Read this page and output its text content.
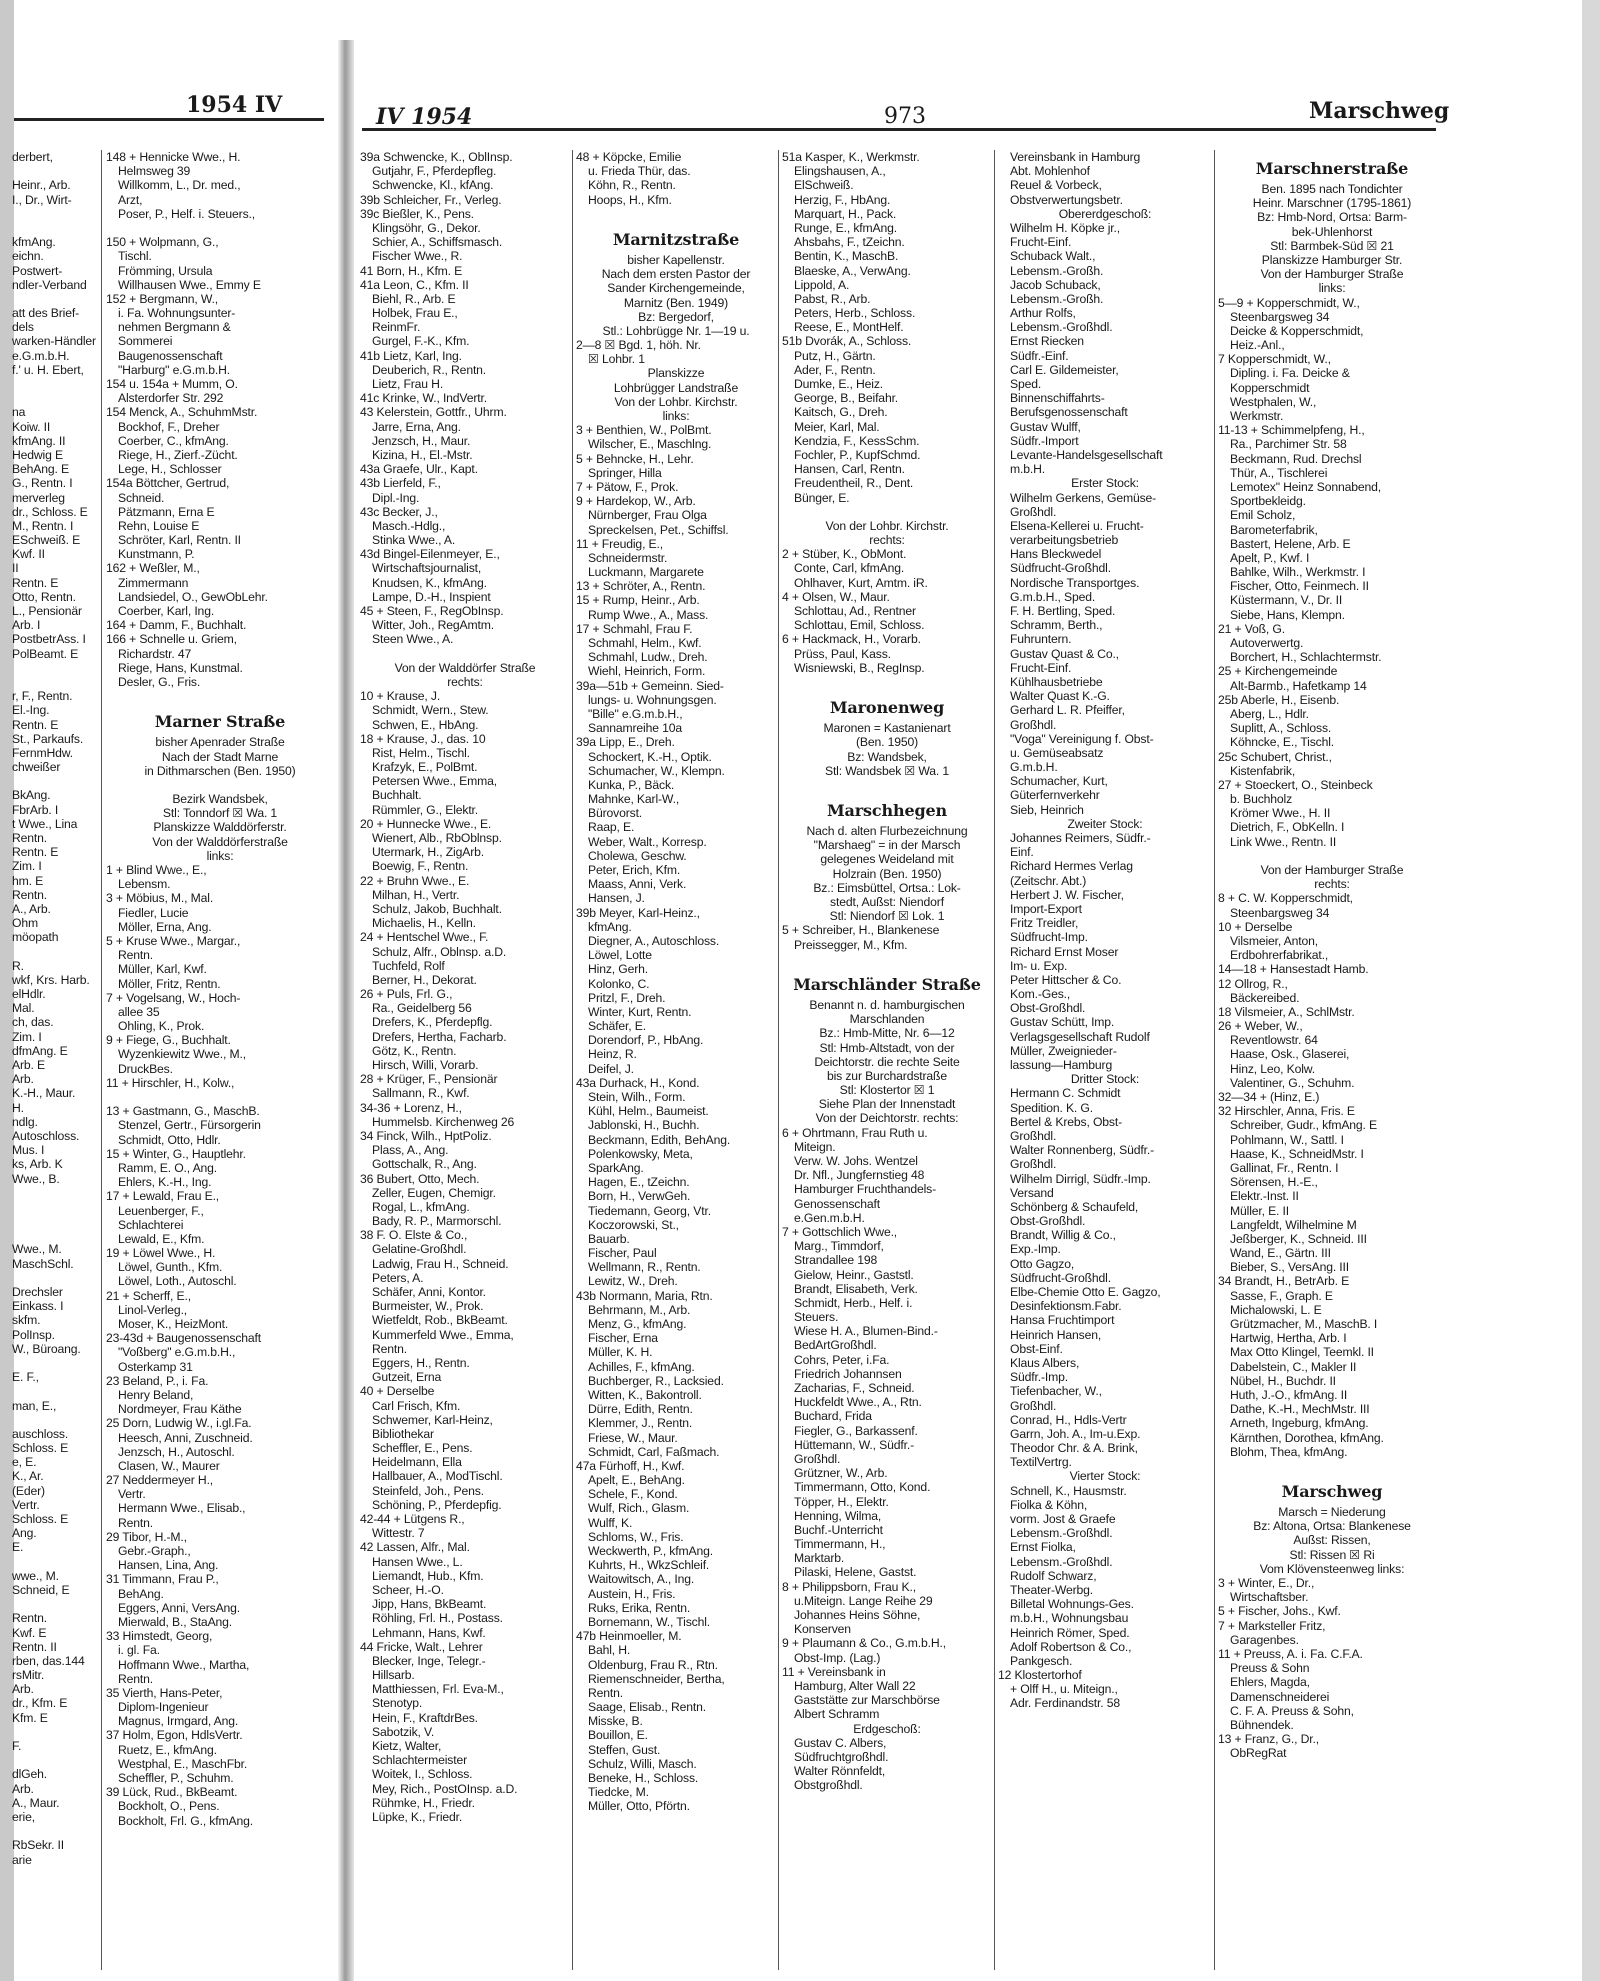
1954 IV
derbert,
Heinr., Arb.
I., Dr., Wirt-
kfmAng.
eichn.
Postwert-
ndler-Verband
att des Brief-
dels
warken-Händler
e.G.m.b.H.
f.' u. H. Ebert,
na
Koiw. II
kfmAng. II
Hedwig E
BehAng. E
G., Rentn. I
merverleg
dr., Schloss. E
M., Rentn. I
ESchweiß. E
Kwf. II
II
Rentn. E
Otto, Rentn.
L., Pensionär
Arb. I
PostbetrAss. I
PolBeamt. E
r, F., Rentn.
El.-Ing.
Rentn. E
St., Parkaufs.
FernmHdw.
chweißer
BkAng.
FbrArb. I
t Wwe., Lina
Rentn.
Rentn. E
Zim. I
hm. E
Rentn.
A., Arb.
Ohm
möopath
R.
wkf, Krs. Harb.
elHdlr.
Mal.
ch, das.
Zim. I
dfmAng. E
Arb. E
Arb.
K.-H., Maur.
H.
ndlg.
Autoschloss.
Mus. I
ks, Arb. K
Wwe., B.
Wwe., M.
MaschSchl.
Drechsler
Einkass. I
skfm.
PolInsp.
W., Büroang.
E. F.,
man, E.,
auschloss.
Schloss. E
e, E.
K., Ar.
(Eder)
Vertr.
Schloss. E
Ang.
E.
wwe., M.
Schneid, E
Rentn.
Kwf. E
Rentn. II
rben, das.144
rsMitr.
Arb.
dr., Kfm. E
Kfm. E
F.
dlGeh.
Arb.
A., Maur.
erie,
RbSekr. II
arie
148 + Hennicke Wwe., H.
Helmsweg 39
Willkomm, L., Dr. med.,
Arzt,
Poser, P., Helf. i. Steuers.,
150 + Wolpmann, G.,
Tischl.
Frömming, Ursula
Willhausen Wwe., Emmy E
152 + Bergmann, W.,
i. Fa. Wohnungsunter-
nehmen Bergmann &
Sommerei
Baugenossenschaft
"Harburg" e.G.m.b.H.
154 u. 154a + Mumm, O.
Alsterdorfer Str. 292
154 Menck, A., SchuhmMstr.
Bockhof, F., Dreher
Coerber, C., kfmAng.
Riege, H., Zierf.-Zücht.
Lege, H., Schlosser
154a Böttcher, Gertrud,
Schneid.
Pätzmann, Erna E
Rehn, Louise E
Schröter, Karl, Rentn. II
Kunstmann, P.
162 + Weßler, M.,
Zimmermann
Landsiedel, O., GewObLehr.
Coerber, Karl, Ing.
164 + Damm, F., Buchhalt.
166 + Schnelle u. Griem,
Richardstr. 47
Riege, Hans, Kunstmal.
Desler, G., Fris.
Marner Straße
bisher Apenrader Straße
Nach der Stadt Marne
in Dithmarschen (Ben. 1950)
Bezirk Wandsbek,
Stl: Tonndorf ☒ Wa. 1
Planskizze Walddörferstr.
Von der Walddörferstraße
links:
1 + Blind Wwe., E.,
Lebensm.
3 + Möbius, M., Mal.
Fiedler, Lucie
Möller, Erna, Ang.
5 + Kruse Wwe., Margar.,
Rentn.
Müller, Karl, Kwf.
Möller, Fritz, Rentn.
7 + Vogelsang, W., Hoch-
allee 35
Ohling, K., Prok.
9 + Fiege, G., Buchhalt.
Wyzenkiewitz Wwe., M.,
DruckBes.
11 + Hirschler, H., Kolw.,
13 + Gastmann, G., MaschB.
Stenzel, Gertr., Fürsorgerin
Schmidt, Otto, Hdlr.
15 + Winter, G., Hauptlehr.
Ramm, E. O., Ang.
Ehlers, K.-H., Ing.
17 + Lewald, Frau E.,
Leuenberger, F.,
Schlachterei
Lewald, E., Kfm.
19 + Löwel Wwe., H.
Löwel, Gunth., Kfm.
Löwel, Loth., Autoschl.
21 + Scherff, E.,
Linol-Verleg.,
Moser, K., HeizMont.
23-43d + Baugenossenschaft
"Voßberg" e.G.m.b.H.,
Osterkamp 31
23 Beland, P., i. Fa.
Henry Beland,
Nordmeyer, Frau Käthe
25 Dorn, Ludwig W., i.gl.Fa.
Heesch, Anni, Zuschneid.
Jenzsch, H., Autoschl.
Clasen, W., Maurer
27 Neddermeyer H.,
Vertr.
Hermann Wwe., Elisab.,
Rentn.
29 Tibor, H.-M.,
Gebr.-Graph.,
Hansen, Lina, Ang.
31 Timmann, Frau P.,
BehAng.
Eggers, Anni, VersAng.
Mierwald, B., StaAng.
33 Himstedt, Georg,
i. gl. Fa.
Hoffmann Wwe., Martha,
Rentn.
35 Vierth, Hans-Peter,
Diplom-Ingenieur
Magnus, Irmgard, Ang.
37 Holm, Egon, HdlsVertr.
Ruetz, E., kfmAng.
Westphal, E., MaschFbr.
Scheffler, P., Schuhm.
39 Lück, Rud., BkBeamt.
Bockholt, O., Pens.
Bockholt, Frl. G., kfmAng.
IV 1954	973	Marschweg
39a Schwencke, K., OblInsp.
Gutjahr, F., Pferdepfleg.
Schwencke, Kl., kfAng.
39b Schleicher, Fr., Verleg.
39c Bießler, K., Pens.
Klingsöhr, G., Dekor.
Schier, A., Schiffsmasch.
Fischer Wwe., R.
41 Born, H., Kfm. E
41a Leon, C., Kfm. II
Biehl, R., Arb. E
Holbek, Frau E.,
ReinmFr.
Gurgel, F.-K., Kfm.
41b Lietz, Karl, Ing.
Deuberich, R., Rentn.
Lietz, Frau H.
41c Krinke, W., IndVertr.
43 Kelerstein, Gottfr., Uhrm.
Jarre, Erna, Ang.
Jenzsch, H., Maur.
Kizina, H., El.-Mstr.
43a Graefe, Ulr., Kapt.
43b Lierfeld, F.,
Dipl.-Ing.
43c Becker, J.,
Masch.-Hdlg.,
Stinka Wwe., A.
43d Bingel-Eilenmeyer, E.,
Wirtschaftsjournalist,
Knudsen, K., kfmAng.
Lampe, D.-H., Inspient
45 + Steen, F., RegObInsp.
Witter, Joh., RegAmtm.
Steen Wwe., A.
Von der Walddörfer Straße
rechts:
10 + Krause, J.
Schmidt, Wern., Stew.
Schwen, E., HbAng.
18 + Krause, J., das. 10
Rist, Helm., Tischl.
Krafzyk, E., PolBmt.
Petersen Wwe., Emma,
Buchhalt.
Rümmler, G., Elektr.
20 + Hunnecke Wwe., E.
Wienert, Alb., RbOblnsp.
Utermark, H., ZigArb.
Boewig, F., Rentn.
22 + Bruhn Wwe., E.
Milhan, H., Vertr.
Schulz, Jakob, Buchhalt.
Michaelis, H., Kelln.
24 + Hentschel Wwe., F.
Schulz, Alfr., Oblnsp. a.D.
Tuchfeld, Rolf
Berner, H., Dekorat.
26 + Puls, Frl. G.,
Ra., Geidelberg 56
Drefers, K., Pferdepflg.
Drefers, Hertha, Facharb.
Götz, K., Rentn.
Hirsch, Willi, Vorarb.
28 + Krüger, F., Pensionär
Sallmann, R., Kwf.
34-36 + Lorenz, H.,
Hummelsb. Kirchenweg 26
34 Finck, Wilh., HptPoliz.
Plass, A., Ang.
Gottschalk, R., Ang.
36 Bubert, Otto, Mech.
Zeller, Eugen, Chemigr.
Rogal, L., kfmAng.
Bady, R. P., Marmorschl.
38 F. O. Elste & Co.,
Gelatine-Großhdl.
Ladwig, Frau H., Schneid.
Peters, A.
Schäfer, Anni, Kontor.
Burmeister, W., Prok.
Wietfeldt, Rob., BkBeamt.
Kummerfeld Wwe., Emma,
Rentn.
Eggers, H., Rentn.
Gutzeit, Erna
40 + Derselbe
Carl Frisch, Kfm.
Schwemer, Karl-Heinz,
Bibliothekar
Scheffler, E., Pens.
Heidelmann, Ella
Hallbauer, A., ModTischl.
Steinfeld, Joh., Pens.
Schöning, P., Pferdepfig.
42-44 + Lütgens R.,
Wittestr. 7
42 Lassen, Alfr., Mal.
Hansen Wwe., L.
Liemandt, Hub., Kfm.
Scheer, H.-O.
Jipp, Hans, BkBeamt.
Röhling, Frl. H., Postass.
Lehmann, Hans, Kwf.
44 Fricke, Walt., Lehrer
Blecker, Inge, Telegr.-
Hillsarb.
Matthiessen, Frl. Eva-M.,
Stenotyp.
Hein, F., KraftdrBes.
Sabotzik, V.
Kietz, Walter,
Schlachtermeister
Woitek, I., Schloss.
Mey, Rich., PostOInsp. a.D.
Rühmke, H., Friedr.
Lüpke, K., Friedr.
48 + Köpcke, Emilie
u. Frieda Thür, das.
Köhn, R., Rentn.
Hoops, H., Kfm.
Marnitzstraße
bisher Kapellenstr.
Nach dem ersten Pastor der
Sander Kirchengemeinde,
Marnitz (Ben. 1949)
Bz: Bergedorf,
Stl.: Lohbrügge Nr. 1—19 u.
2—8 ☒ Bgd. 1, höh. Nr.
☒ Lohbr. 1
Planskizze
Lohbrügger Landstraße
Von der Lohbr. Kirchstr.
links:
3 + Benthien, W., PolBmt.
Wilscher, E., Maschlng.
5 + Behncke, H., Lehr.
Springer, Hilla
7 + Pätow, F., Prok.
9 + Hardekop, W., Arb.
Nürnberger, Frau Olga
Spreckelsen, Pet., Schiffsl.
11 + Freudig, E.,
Schneidermstr.
Luckmann, Margarete
13 + Schröter, A., Rentn.
15 + Rump, Heinr., Arb.
Rump Wwe., A., Mass.
17 + Schmahl, Frau F.
Schmahl, Helm., Kwf.
Schmahl, Ludw., Dreh.
Wiehl, Heinrich, Form.
39a—51b + Gemeinn. Sied-
lungs- u. Wohnungsgen.
"Bille" e.G.m.b.H.,
Sannamreihe 10a
39a Lipp, E., Dreh.
Schockert, K.-H., Optik.
Schumacher, W., Klempn.
Kunka, P., Bäck.
Mahnke, Karl-W.,
Bürovorst.
Raap, E.
Weber, Walt., Korresp.
Cholewa, Geschw.
Peter, Erich, Kfm.
Maass, Anni, Verk.
Hansen, J.
39b Meyer, Karl-Heinz.,
kfmAng.
Diegner, A., Autoschloss.
Löwel, Lotte
Hinz, Gerh.
Kolonko, C.
Pritzl, F., Dreh.
Winter, Kurt, Rentn.
Schäfer, E.
Dorendorf, P., HbAng.
Heinz, R.
Deifel, J.
43a Durhack, H., Kond.
Stein, Wilh., Form.
Kühl, Helm., Baumeist.
Jablonski, H., Buchh.
Beckmann, Edith, BehAng.
Polenkowsky, Meta,
SparkAng.
Hagen, E., tZeichn.
Born, H., VerwGeh.
Tiedemann, Georg, Vtr.
Koczorowski, St.,
Bauarb.
Fischer, Paul
Wellmann, R., Rentn.
Lewitz, W., Dreh.
43b Normann, Maria, Rtn.
Behrmann, M., Arb.
Menz, G., kfmAng.
Fischer, Erna
Müller, K. H.
Achilles, F., kfmAng.
Buchberger, R., Lacksied.
Witten, K., Bakontroll.
Dürre, Edith, Rentn.
Klemmer, J., Rentn.
Friese, W., Maur.
Schmidt, Carl, Faßmach.
47a Fürhoff, H., Kwf.
Apelt, E., BehAng.
Schele, F., Kond.
Wulf, Rich., Glasm.
Wulff, K.
Schloms, W., Fris.
Weckwerth, P., kfmAng.
Kuhrts, H., WkzSchleif.
Waitowitsch, A., Ing.
Austein, H., Fris.
Ruks, Erika, Rentn.
Bornemann, W., Tischl.
47b Heinmoeller, M.
Bahl, H.
Oldenburg, Frau R., Rtn.
Riemenschneider, Bertha,
Rentn.
Saage, Elisab., Rentn.
Misske, B.
Bouillon, E.
Steffen, Gust.
Schulz, Willi, Masch.
Beneke, H., Schloss.
Tiedcke, M.
Müller, Otto, Pförtn.
51a Kasper, K., Werkmstr.
Elingshausen, A.,
ElSchweiß.
Herzig, F., HbAng.
Marquart, H., Pack.
Runge, E., kfmAng.
Ahsbahs, F., tZeichn.
Bentin, K., MaschB.
Blaeske, A., VerwAng.
Lippold, A.
Pabst, R., Arb.
Peters, Herb., Schloss.
Reese, E., MontHelf.
51b Dvorák, A., Schloss.
Putz, H., Gärtn.
Ader, F., Rentn.
Dumke, E., Heiz.
George, B., Beifahr.
Kaitsch, G., Dreh.
Meier, Karl, Mal.
Kendzia, F., KessSchm.
Fochler, P., KupfSchmd.
Hansen, Carl, Rentn.
Freudentheil, R., Dent.
Bünger, E.
Von der Lohbr. Kirchstr.
rechts:
2 + Stüber, K., ObMont.
Conte, Carl, kfmAng.
Ohlhaver, Kurt, Amtm. iR.
4 + Olsen, W., Maur.
Schlottau, Ad., Rentner
Schlottau, Emil, Schloss.
6 + Hackmack, H., Vorarb.
Prüss, Paul, Kass.
Wisniewski, B., RegInsp.
Maronenweg
Maronen = Kastanienart
(Ben. 1950)
Bz: Wandsbek,
Stl: Wandsbek ☒ Wa. 1
Marschhegen
Nach d. alten Flurbezeichnung
"Marshaeg" = in der Marsch
gelegenes Weideland mit
Holzrain (Ben. 1950)
Bz.: Eimsbüttel, Ortsa.: Lok-
stedt, Außst: Niendorf
Stl: Niendorf ☒ Lok. 1
5 + Schreiber, H., Blankenese
Preissegger, M., Kfm.
Marschländer Straße
Benannt n. d. hamburgischen
Marschlanden
Bz.: Hmb-Mitte, Nr. 6—12
Stl: Hmb-Altstadt, von der
Deichtorstr. die rechte Seite
bis zur Burchardstraße
Stl: Klostertor ☒ 1
Siehe Plan der Innenstadt
Von der Deichtorstr. rechts:
6 + Ohrtmann, Frau Ruth u.
Miteign.
Verw. W. Johs. Wentzel
Dr. Nfl., Jungfernstieg 48
Hamburger Fruchthandels-
Genossenschaft
e.Gen.m.b.H.
7 + Gottschlich Wwe.,
Marg., Timmdorf,
Strandallee 198
Gielow, Heinr., Gaststl.
Brandt, Elisabeth, Verk.
Schmidt, Herb., Helf. i.
Steuers.
Wiese H. A., Blumen-Bind.-
BedArtGroßhdl.
Cohrs, Peter, i.Fa.
Friedrich Johannsen
Zacharias, F., Schneid.
Huckfeldt Wwe., A., Rtn.
Buchard, Frida
Fiegler, G., Barkassenf.
Hüttemann, W., Südfr.-
Großhdl.
Grützner, W., Arb.
Timmermann, Otto, Kond.
Töpper, H., Elektr.
Henning, Wilma,
Buchf.-Unterricht
Timmermann, H.,
Marktarb.
Pilaski, Helene, Gastst.
8 + Philippsborn, Frau K.,
u.Miteign. Lange Reihe 29
Johannes Heins Söhne,
Konserven
9 + Plaumann & Co., G.m.b.H.,
Obst-Imp. (Lag.)
11 + Vereinsbank in
Hamburg, Alter Wall 22
Gaststätte zur Marschbörse
Albert Schramm
Erdgeschoß:
Gustav C. Albers,
Südfruchtgroßhdl.
Walter Rönnfeldt,
Obstgroßhdl.
Vereinsbank in Hamburg
Abt. Mohlenhof
Reuel & Vorbeck,
Obstverwertungsbetr.
Obererdgeschoß:
Wilhelm H. Köpke jr.,
Frucht-Einf.
Schuback Walt.,
Lebensm.-Großh.
Jacob Schuback,
Lebensm.-Großh.
Arthur Rolfs,
Lebensm.-Großhdl.
Ernst Riecken
Südfr.-Einf.
Carl E. Gildemeister,
Sped.
Binnenschiffahrts-
Berufsgenossenschaft
Gustav Wulff,
Südfr.-Import
Levante-Handelsgesellschaft
m.b.H.
Erster Stock:
Wilhelm Gerkens, Gemüse-
Großhdl.
Elsena-Kellerei u. Frucht-
verarbeitungsbetrieb
Hans Bleckwedel
Südfrucht-Großhdl.
Nordische Transportges.
G.m.b.H., Sped.
F. H. Bertling, Sped.
Schramm, Berth.,
Fuhruntern.
Gustav Quast & Co.,
Frucht-Einf.
Kühlhausbetriebe
Walter Quast K.-G.
Gerhard L. R. Pfeiffer,
Großhdl.
"Voga" Vereinigung f. Obst-
u. Gemüseabsatz
G.m.b.H.
Schumacher, Kurt,
Güterfernverkehr
Sieb, Heinrich
Zweiter Stock:
Johannes Reimers, Südfr.-
Einf.
Richard Hermes Verlag
(Zeitschr. Abt.)
Herbert J. W. Fischer,
Import-Export
Fritz Treidler,
Südfrucht-Imp.
Richard Ernst Moser
Im- u. Exp.
Peter Hittscher & Co.
Kom.-Ges.,
Obst-Großhdl.
Gustav Schütt, Imp.
Verlagsgesellschaft Rudolf
Müller, Zweignieder-
lassung—Hamburg
Dritter Stock:
Hermann C. Schmidt
Spedition. K. G.
Bertel & Krebs, Obst-
Großhdl.
Walter Ronnenberg, Südfr.-
Großhdl.
Wilhelm Dirrigl, Südfr.-Imp.
Versand
Schönberg & Schaufeld,
Obst-Großhdl.
Brandt, Willig & Co.,
Exp.-Imp.
Otto Gagzo,
Südfrucht-Großhdl.
Elbe-Chemie Otto E. Gagzo,
Desinfektionsm.Fabr.
Hansa Fruchtimport
Heinrich Hansen,
Obst-Einf.
Klaus Albers,
Südfr.-Imp.
Tiefenbacher, W.,
Großhdl.
Conrad, H., Hdls-Vertr
Garrn, Joh. A., Im-u.Exp.
Theodor Chr. & A. Brink,
TextilVertrg.
Vierter Stock:
Schnell, K., Hausmstr.
Fiolka & Köhn,
vorm. Jost & Graefe
Lebensm.-Großhdl.
Ernst Fiolka,
Lebensm.-Großhdl.
Rudolf Schwarz,
Theater-Werbg.
Billetal Wohnungs-Ges.
m.b.H., Wohnungsbau
Heinrich Römer, Sped.
Adolf Robertson & Co.,
Pankgesch.
12 Klostertorhof
+ Olff H., u. Miteign.,
Adr. Ferdinandstr. 58
Marschnerstraße
Ben. 1895 nach Tondichter
Heinr. Marschner (1795-1861)
Bz: Hmb-Nord, Ortsa: Barm-
bek-Uhlenhorst
Stl: Barmbek-Süd ☒ 21
Planskizze Hamburger Str.
Von der Hamburger Straße
links:
5—9 + Kopperschmidt, W.,
Steenbargsweg 34
Deicke & Kopperschmidt,
Heiz.-Anl.,
7 Kopperschmidt, W.,
Dipling. i. Fa. Deicke &
Kopperschmidt
Westphalen, W.,
Werkmstr.
11-13 + Schimmelpfeng, H.,
Ra., Parchimer Str. 58
Beckmann, Rud. Drechsl
Thür, A., Tischlerei
Lemotex" Heinz Sonnabend,
Sportbekleidg.
Emil Scholz,
Barometerfabrik,
Bastert, Helene, Arb. E
Apelt, P., Kwf. I
Bahlke, Wilh., Werkmstr. I
Fischer, Otto, Feinmech. II
Küstermann, V., Dr. II
Siebe, Hans, Klempn.
21 + Voß, G.
Autoverwertg.
Borchert, H., Schlachtermstr.
25 + Kirchengemeinde
Alt-Barmb., Hafetkamp 14
25b Aberle, H., Eisenb.
Aberg, L., Hdlr.
Suplitt, A., Schloss.
Köhncke, E., Tischl.
25c Schubert, Christ.,
Kistenfabrik,
27 + Stoeckert, O., Steinbeck
b. Buchholz
Krömer Wwe., H. II
Dietrich, F., ObKelln. I
Link Wwe., Rentn. II
Von der Hamburger Straße
rechts:
8 + C. W. Kopperschmidt,
Steenbargsweg 34
10 + Derselbe
Vilsmeier, Anton,
Erdbohrerfabrikat.,
14—18 + Hansestadt Hamb.
12 Ollrog, R.,
Bäckereibed.
18 Vilsmeier, A., SchlMstr.
26 + Weber, W.,
Reventlowstr. 64
Haase, Osk., Glaserei,
Hinz, Leo, Kolw.
Valentiner, G., Schuhm.
32—34 + (Hinz, E.)
32 Hirschler, Anna, Fris. E
Schreiber, Gudr., kfmAng. E
Pohlmann, W., Sattl. I
Haase, K., SchneidMstr. I
Gallinat, Fr., Rentn. I
Sörensen, H.-E.,
Elektr.-Inst. II
Müller, E. II
Langfeldt, Wilhelmine M
Jeßberger, K., Schneid. III
Wand, E., Gärtn. III
Bieber, S., VersAng. III
34 Brandt, H., BetrArb. E
Sasse, F., Graph. E
Michalowski, L. E
Grützmacher, M., MaschB. I
Hartwig, Hertha, Arb. I
Max Otto Klingel, Teemkl. II
Dabelstein, C., Makler II
Nübel, H., Buchdr. II
Huth, J.-O., kfmAng. II
Dathe, K.-H., MechMstr. III
Arneth, Ingeburg, kfmAng.
Kärnthen, Dorothea, kfmAng.
Blohm, Thea, kfmAng.
Marschweg
Marsch = Niederung
Bz: Altona, Ortsa: Blankenese
Außst: Rissen,
Stl: Rissen ☒ Ri
Vom Klövensteenweg links:
3 + Winter, E., Dr.,
Wirtschaftsber.
5 + Fischer, Johs., Kwf.
7 + Marksteller Fritz,
Garagenbes.
11 + Preuss, A. i. Fa. C.F.A.
Preuss & Sohn
Ehlers, Magda,
Damenschneiderei
C. F. A. Preuss & Sohn,
Bühnendek.
13 + Franz, G., Dr.,
ObRegRat
